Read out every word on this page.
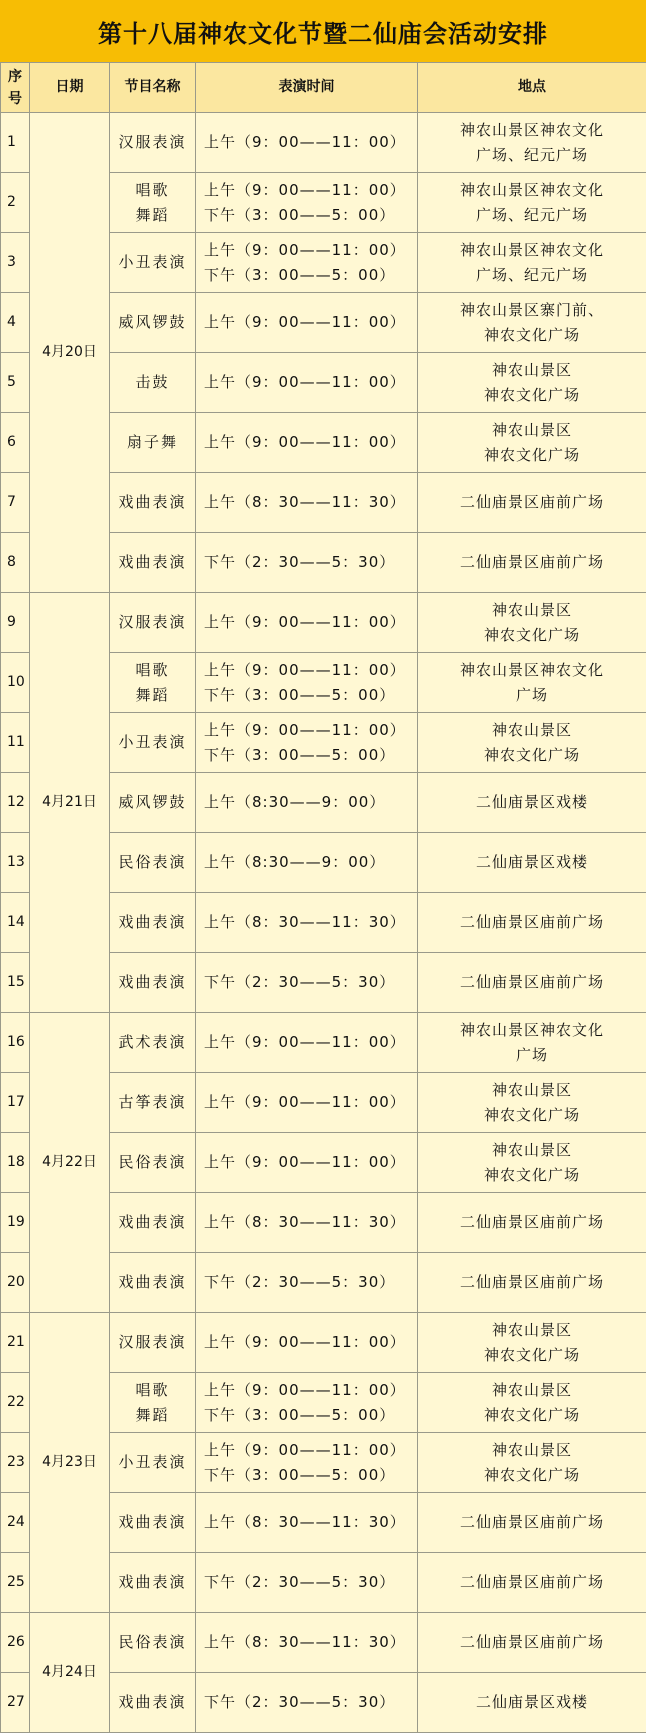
第十八届神农文化节暨二仙庙会活动安排
序
号	日期	节目名称	表演时间	地点
1	4月20日	汉服表演	上午（9：00——11：00）	神农山景区神农文化
广场、纪元广场

2		唱歌
舞蹈	上午（9：00——11：00）
下午（3：00——5：00）	神农山景区神农文化
广场、纪元广场

3		小丑表演	上午（9：00——11：00）
下午（3：00——5：00）	神农山景区神农文化
广场、纪元广场

4		威风锣鼓	上午（9：00——11：00）	神农山景区寨门前、
神农文化广场

5		击鼓	上午（9：00——11：00）	神农山景区
神农文化广场

6		扇子舞	上午（9：00——11：00）	神农山景区
神农文化广场

7		戏曲表演	上午（8：30——11：30）	二仙庙景区庙前广场

8		戏曲表演	下午（2：30——5：30）	二仙庙景区庙前广场

9	4月21日	汉服表演	上午（9：00——11：00）	神农山景区
神农文化广场

10		唱歌
舞蹈	上午（9：00——11：00）
下午（3：00——5：00）	神农山景区神农文化
广场

11		小丑表演	上午（9：00——11：00）
下午（3：00——5：00）	神农山景区
神农文化广场

12		威风锣鼓	上午（8:30——9：00）	二仙庙景区戏楼

13		民俗表演	上午（8:30——9：00）	二仙庙景区戏楼

14		戏曲表演	上午（8：30——11：30）	二仙庙景区庙前广场

15		戏曲表演	下午（2：30——5：30）	二仙庙景区庙前广场

16	4月22日	武术表演	上午（9：00——11：00）	神农山景区神农文化
广场

17		古筝表演	上午（9：00——11：00）	神农山景区
神农文化广场

18		民俗表演	上午（9：00——11：00）	神农山景区
神农文化广场

19		戏曲表演	上午（8：30——11：30）	二仙庙景区庙前广场

20		戏曲表演	下午（2：30——5：30）	二仙庙景区庙前广场

21	4月23日	汉服表演	上午（9：00——11：00）	神农山景区
神农文化广场

22		唱歌
舞蹈	上午（9：00——11：00）
下午（3：00——5：00）	神农山景区
神农文化广场

23		小丑表演	上午（9：00——11：00）
下午（3：00——5：00）	神农山景区
神农文化广场

24		戏曲表演	上午（8：30——11：30）	二仙庙景区庙前广场

25		戏曲表演	下午（2：30——5：30）	二仙庙景区庙前广场

26	4月24日	民俗表演	上午（8：30——11：30）	二仙庙景区庙前广场

27		戏曲表演	下午（2：30——5：30）	二仙庙景区戏楼
